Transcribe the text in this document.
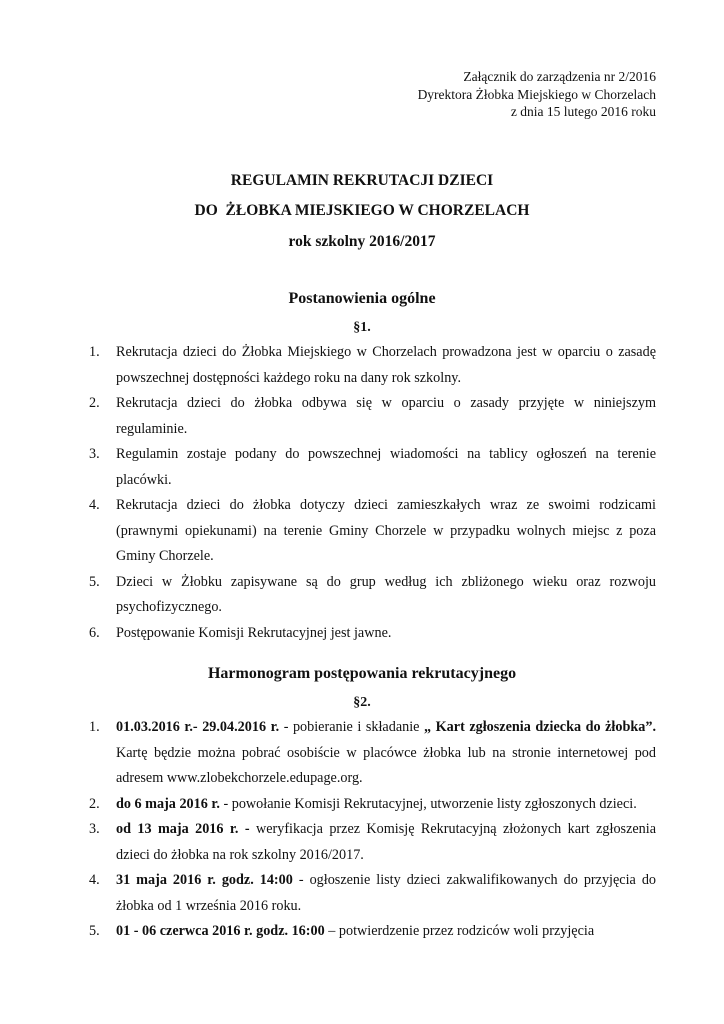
Załącznik do zarządzenia nr 2/2016
Dyrektora Żłobka Miejskiego w Chorzelach
z dnia 15 lutego 2016 roku
REGULAMIN REKRUTACJI DZIECI
DO  ŻŁOBKA MIEJSKIEGO W CHORZELACH
rok szkolny 2016/2017
Postanowienia ogólne
§1.
1.	Rekrutacja dzieci do Żłobka Miejskiego w Chorzelach prowadzona jest w oparciu o zasadę powszechnej dostępności każdego roku na dany rok szkolny.
2.	Rekrutacja dzieci do żłobka odbywa się w oparciu o zasady przyjęte w niniejszym regulaminie.
3.	Regulamin zostaje podany do powszechnej wiadomości na tablicy ogłoszeń na terenie placówki.
4.	Rekrutacja dzieci do żłobka dotyczy dzieci zamieszkałych wraz ze swoimi rodzicami (prawnymi opiekunami) na terenie Gminy Chorzele w przypadku wolnych miejsc z poza Gminy Chorzele.
5.	Dzieci w Żłobku zapisywane są do grup według ich zbliżonego wieku oraz rozwoju psychofizycznego.
6.	Postępowanie Komisji Rekrutacyjnej jest jawne.
Harmonogram postępowania rekrutacyjnego
§2.
1.	01.03.2016 r.- 29.04.2016 r. - pobieranie i składanie „ Kart zgłoszenia dziecka do żłobka”. Kartę będzie można pobrać osobiście w placówce żłobka lub na stronie internetowej pod adresem www.zlobekchorzele.edupage.org.
2.	do 6 maja 2016 r. - powołanie Komisji Rekrutacyjnej, utworzenie listy zgłoszonych dzieci.
3.	od 13 maja 2016 r. - weryfikacja przez Komisję Rekrutacyjną złożonych kart zgłoszenia dzieci do żłobka na rok szkolny 2016/2017.
4.	31 maja 2016 r. godz. 14:00 - ogłoszenie listy dzieci zakwalifikowanych do przyjęcia do żłobka od 1 września 2016 roku.
5.	01 - 06 czerwca 2016 r. godz. 16:00 – potwierdzenie przez rodziców woli przyjęcia
